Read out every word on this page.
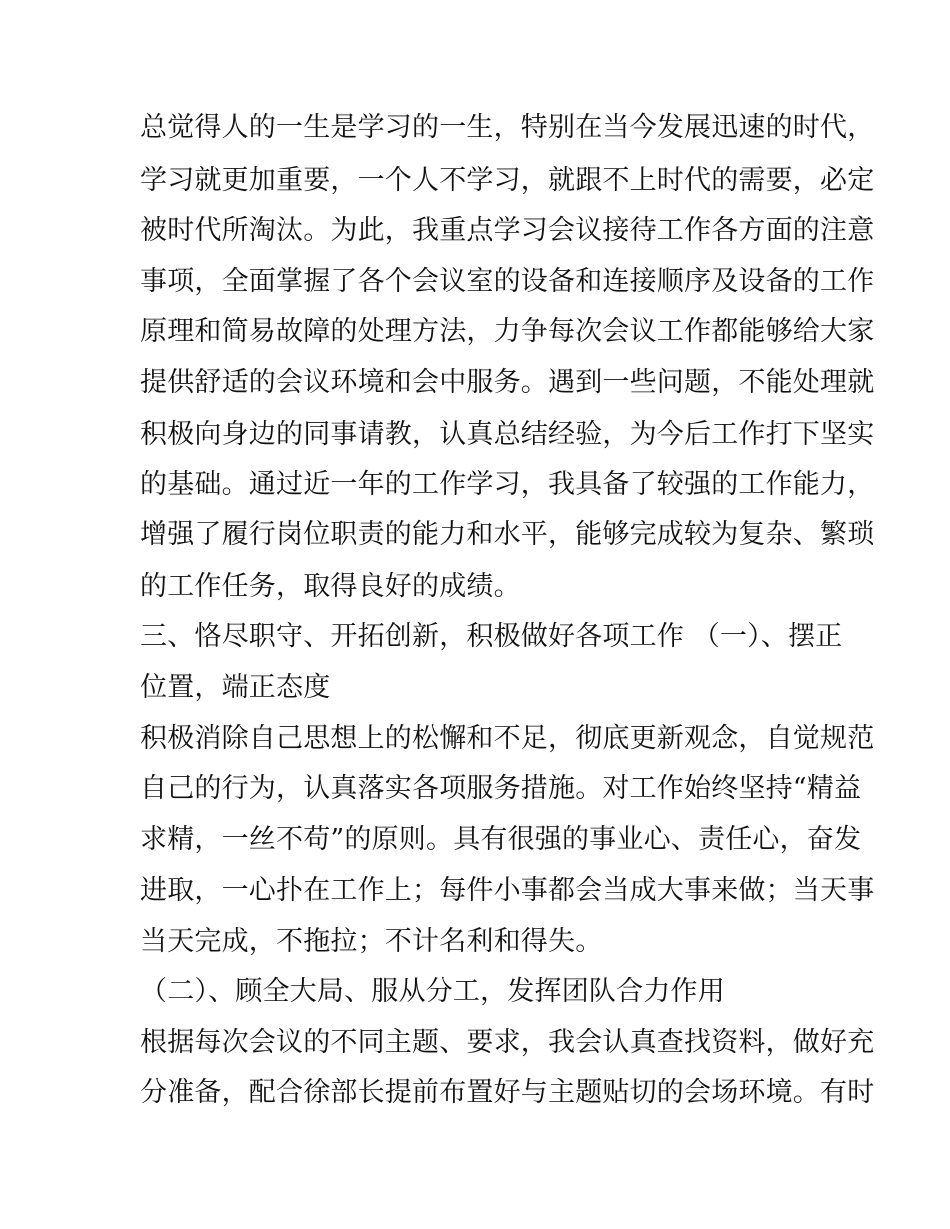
总觉得人的一生是学习的一生，特别在当今发展迅速的时代，
学习就更加重要，一个人不学习，就跟不上时代的需要，必定
被时代所淘汰。为此，我重点学习会议接待工作各方面的注意
事项，全面掌握了各个会议室的设备和连接顺序及设备的工作
原理和简易故障的处理方法，力争每次会议工作都能够给大家
提供舒适的会议环境和会中服务。遇到一些问题，不能处理就
积极向身边的同事请教，认真总结经验，为今后工作打下坚实
的基础。通过近一年的工作学习，我具备了较强的工作能力，
增强了履行岗位职责的能力和水平，能够完成较为复杂、繁琐
的工作任务，取得良好的成绩。
三、恪尽职守、开拓创新，积极做好各项工作 （一）、摆正
位置，端正态度
积极消除自己思想上的松懈和不足，彻底更新观念，自觉规范
自己的行为，认真落实各项服务措施。对工作始终坚持“精益
求精，一丝不苟”的原则。具有很强的事业心、责任心，奋发
进取，一心扑在工作上；每件小事都会当成大事来做；当天事
当天完成，不拖拉；不计名利和得失。
（二）、顾全大局、服从分工，发挥团队合力作用
根据每次会议的不同主题、要求，我会认真查找资料，做好充
分准备，配合徐部长提前布置好与主题贴切的会场环境。有时
